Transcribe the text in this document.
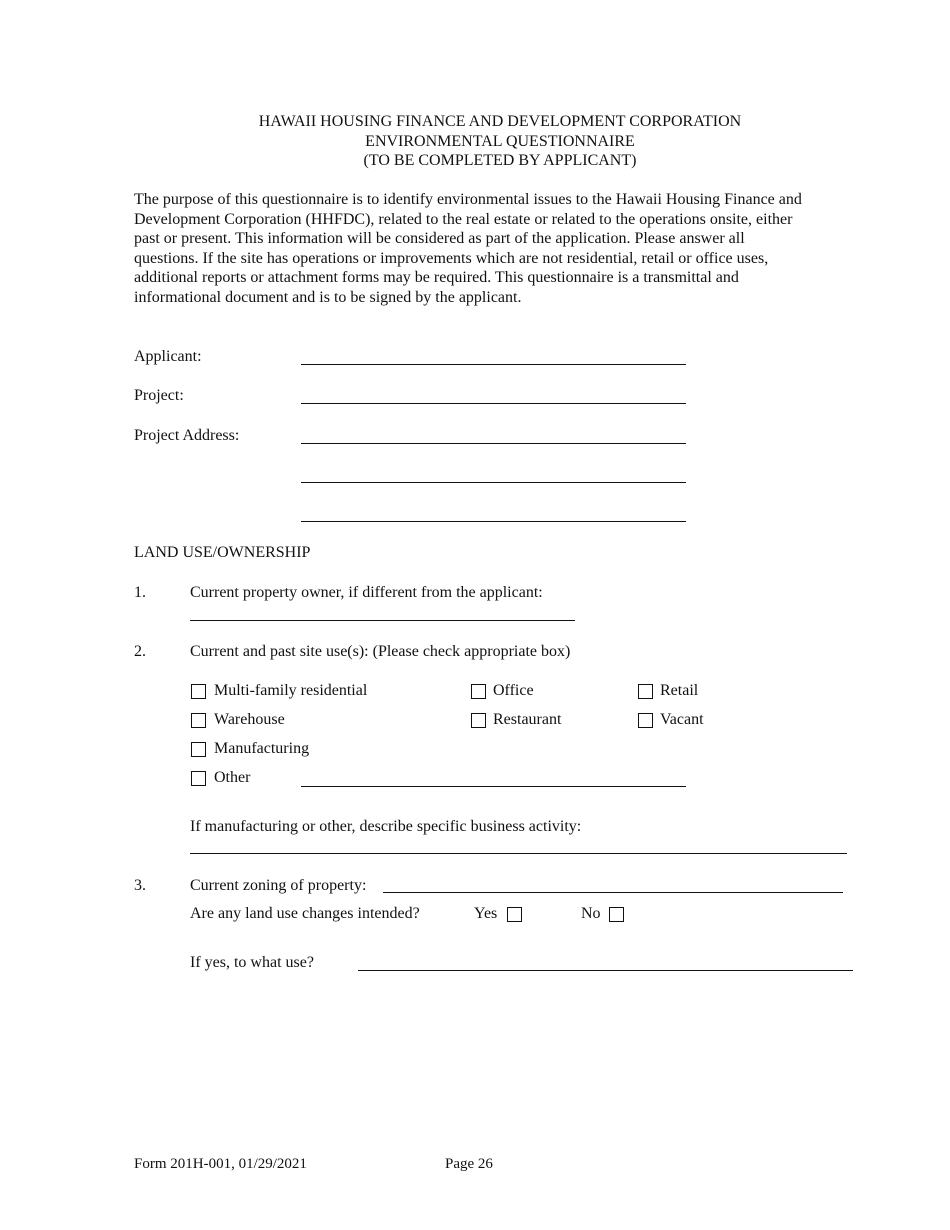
HAWAII HOUSING FINANCE AND DEVELOPMENT CORPORATION
ENVIRONMENTAL QUESTIONNAIRE
(TO BE COMPLETED BY APPLICANT)
The purpose of this questionnaire is to identify environmental issues to the Hawaii Housing Finance and
Development Corporation (HHFDC), related to the real estate or related to the operations onsite, either
past or present. This information will be considered as part of the application. Please answer all
questions. If the site has operations or improvements which are not residential, retail or office uses,
additional reports or attachment forms may be required. This questionnaire is a transmittal and
informational document and is to be signed by the applicant.
Applicant:
Project:
Project Address:
LAND USE/OWNERSHIP
1.	Current property owner, if different from the applicant:
2.	Current and past site use(s): (Please check appropriate box)
Multi-family residential	Office	Retail
Warehouse	Restaurant	Vacant
Manufacturing
Other
If manufacturing or other, describe specific business activity:
3.	Current zoning of property:
Are any land use changes intended?	Yes	No
If yes, to what use?
Form 201H-001, 01/29/2021	Page 26
